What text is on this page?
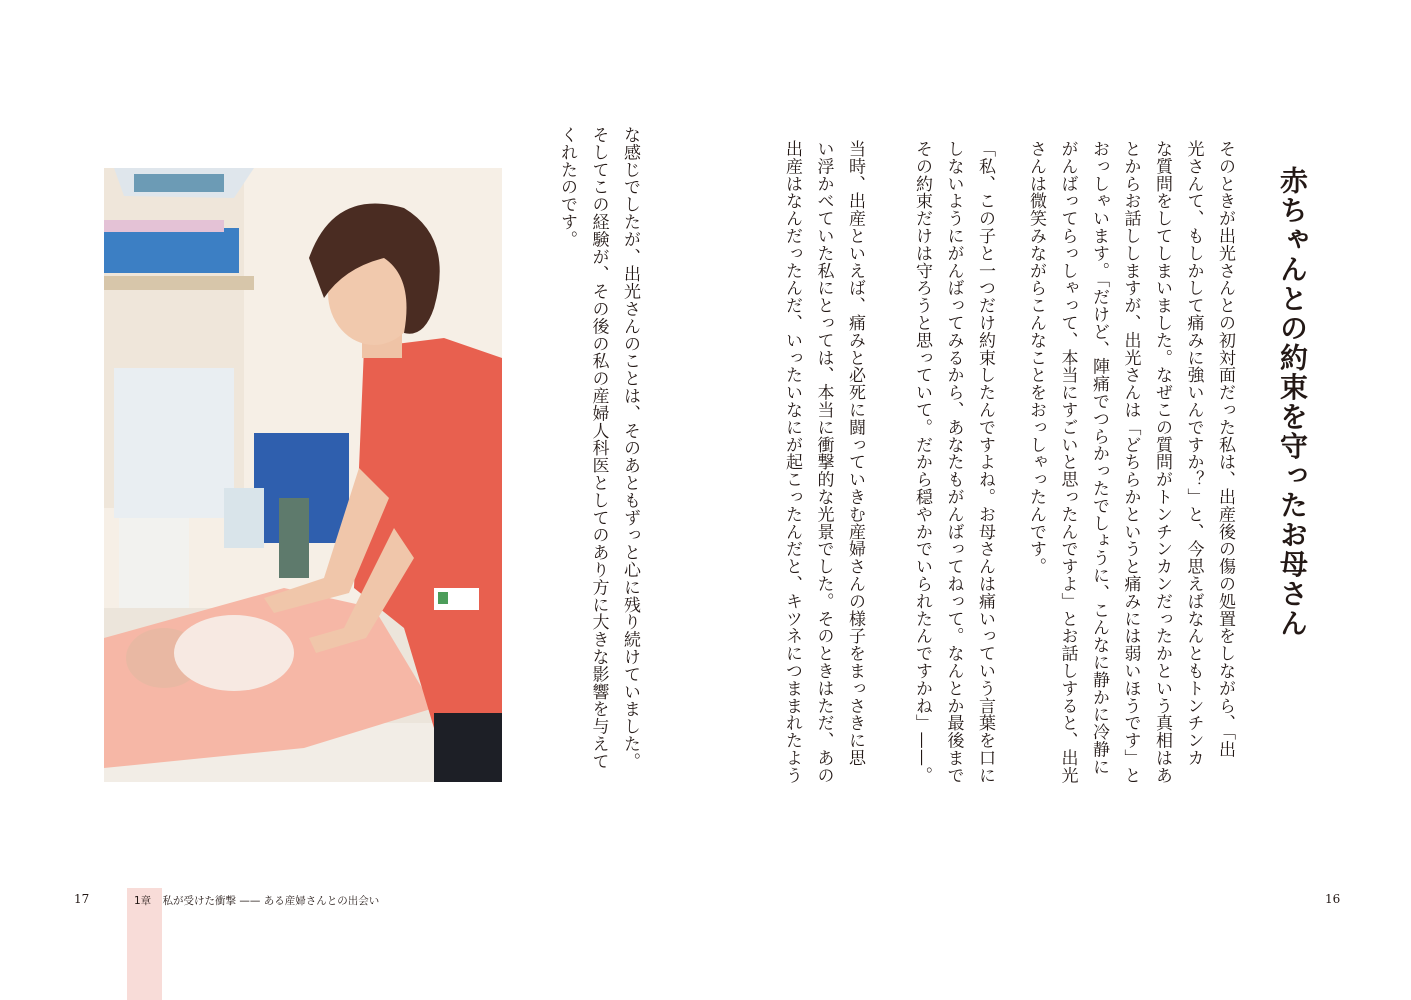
赤ちゃんとの約束を守ったお母さん
そのときが出光さんとの初対面だった私は、出産後の傷の処置をしながら、「出
光さんて、もしかして痛みに強いんですか？」と、今思えばなんともトンチンカ
な質問をしてしまいました。なぜこの質問がトンチンカンだったかという真相はあ
とからお話ししますが、出光さんは「どちらかというと痛みには弱いほうです」と
おっしゃいます。「だけど、陣痛でつらかったでしょうに、こんなに静かに冷静に
がんばってらっしゃって、本当にすごいと思ったんですよ」とお話しすると、出光
さんは微笑みながらこんなことをおっしゃったんです。
「私、この子と一つだけ約束したんですよね。お母さんは痛いっていう言葉を口に
しないようにがんばってみるから、あなたもがんばってねって。なんとか最後まで
その約束だけは守ろうと思っていて。だから穏やかでいられたんですかね」——。
当時、出産といえば、痛みと必死に闘っていきむ産婦さんの様子をまっさきに思
い浮かべていた私にとっては、本当に衝撃的な光景でした。そのときはただ、あの
出産はなんだったんだ、いったいなにが起こったんだと、キツネにつままれたよう
な感じでしたが、出光さんのことは、そのあともずっと心に残り続けていました。
そしてこの経験が、その後の私の産婦人科医としてのあり方に大きな影響を与えて
くれたのです。
1章 私が受けた衝撃 —— ある産婦さんとの出会い
17	16
